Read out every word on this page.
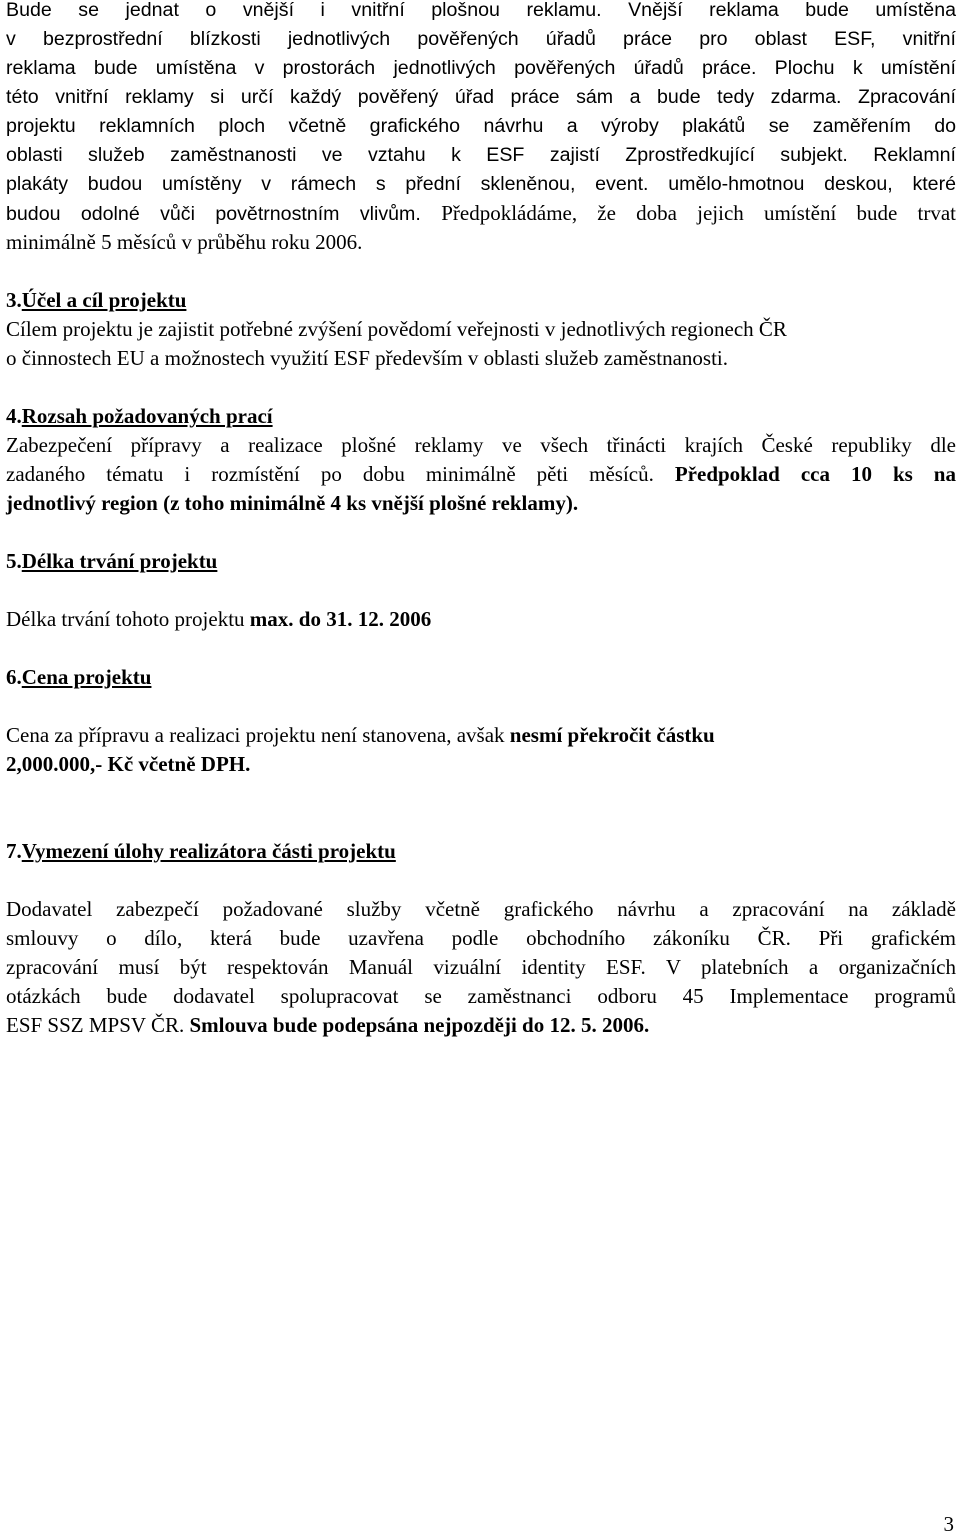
Bude se jednat o vnější i vnitřní plošnou reklamu. Vnější reklama bude umístěna

v bezprostřední blízkosti jednotlivých pověřených úřadů práce pro oblast ESF, vnitřní

reklama bude umístěna v prostorách jednotlivých pověřených úřadů práce. Plochu k umístění

této vnitřní reklamy si určí každý pověřený úřad práce sám a bude tedy zdarma. Zpracování

projektu reklamních ploch včetně grafického návrhu a výroby plakátů se zaměřením do

oblasti služeb zaměstnanosti ve vztahu k ESF zajistí Zprostředkující subjekt. Reklamní

plakáty budou umístěny v rámech s přední skleněnou, event. umělo-hmotnou deskou, které

budou odolné vůči povětrnostním vlivům. Předpokládáme, že doba jejich umístění bude trvat

minimálně 5 měsíců v průběhu roku 2006.

3.Účel a cíl projektu

Cílem projektu je zajistit potřebné zvýšení povědomí veřejnosti v jednotlivých regionech ČR

o činnostech EU a možnostech využití ESF především v oblasti služeb zaměstnanosti.

4.Rozsah požadovaných prací

Zabezpečení přípravy a realizace plošné reklamy ve všech třinácti krajích České republiky dle

zadaného tématu i rozmístění po dobu minimálně pěti měsíců. Předpoklad cca 10 ks na

jednotlivý region (z toho minimálně 4 ks vnější plošné reklamy).

5.Délka trvání projektu

Délka trvání tohoto projektu max. do 31. 12. 2006

6.Cena projektu

Cena za přípravu a realizaci projektu není stanovena, avšak nesmí překročit částku

2,000.000,- Kč včetně DPH.

7.Vymezení úlohy realizátora části projektu

Dodavatel zabezpečí požadované služby včetně grafického návrhu a zpracování na základě

smlouvy o dílo, která bude uzavřena podle obchodního zákoníku ČR. Při grafickém

zpracování musí být respektován Manuál vizuální identity ESF. V platebních a organizačních

otázkách bude dodavatel spolupracovat se zaměstnanci odboru 45 Implementace programů

ESF SSZ MPSV ČR. Smlouva bude podepsána nejpozději do 12. 5. 2006.

3
